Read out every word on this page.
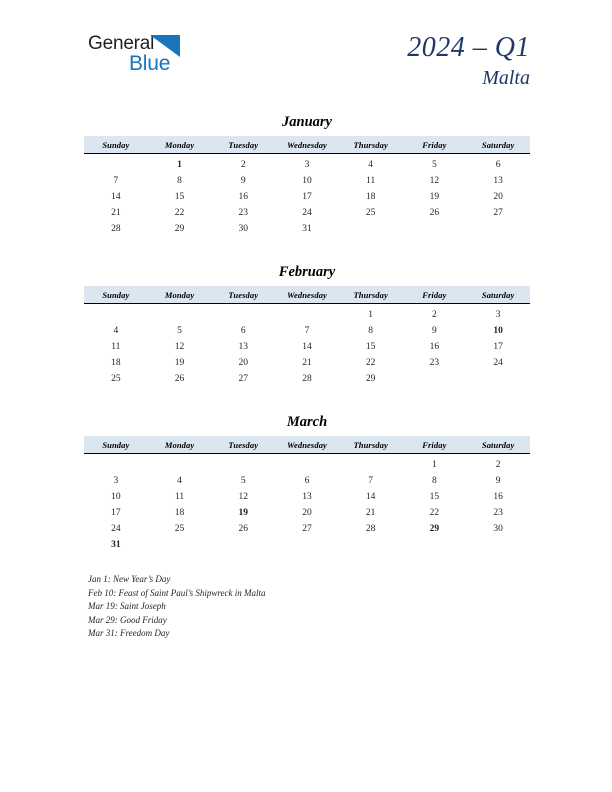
General
Blue
2024 – Q1
Malta
January
Sunday	Monday	Tuesday	Wednesday	Thursday	Friday	Saturday
	1	2	3	4	5	6
7	8	9	10	11	12	13
14	15	16	17	18	19	20
21	22	23	24	25	26	27
28	29	30	31			
February
Sunday	Monday	Tuesday	Wednesday	Thursday	Friday	Saturday
				1	2	3
4	5	6	7	8	9	10
11	12	13	14	15	16	17
18	19	20	21	22	23	24
25	26	27	28	29		
March
Sunday	Monday	Tuesday	Wednesday	Thursday	Friday	Saturday
					1	2
3	4	5	6	7	8	9
10	11	12	13	14	15	16
17	18	19	20	21	22	23
24	25	26	27	28	29	30
31						
Jan 1: New Year’s Day
Feb 10: Feast of Saint Paul’s Shipwreck in Malta
Mar 19: Saint Joseph
Mar 29: Good Friday
Mar 31: Freedom Day
